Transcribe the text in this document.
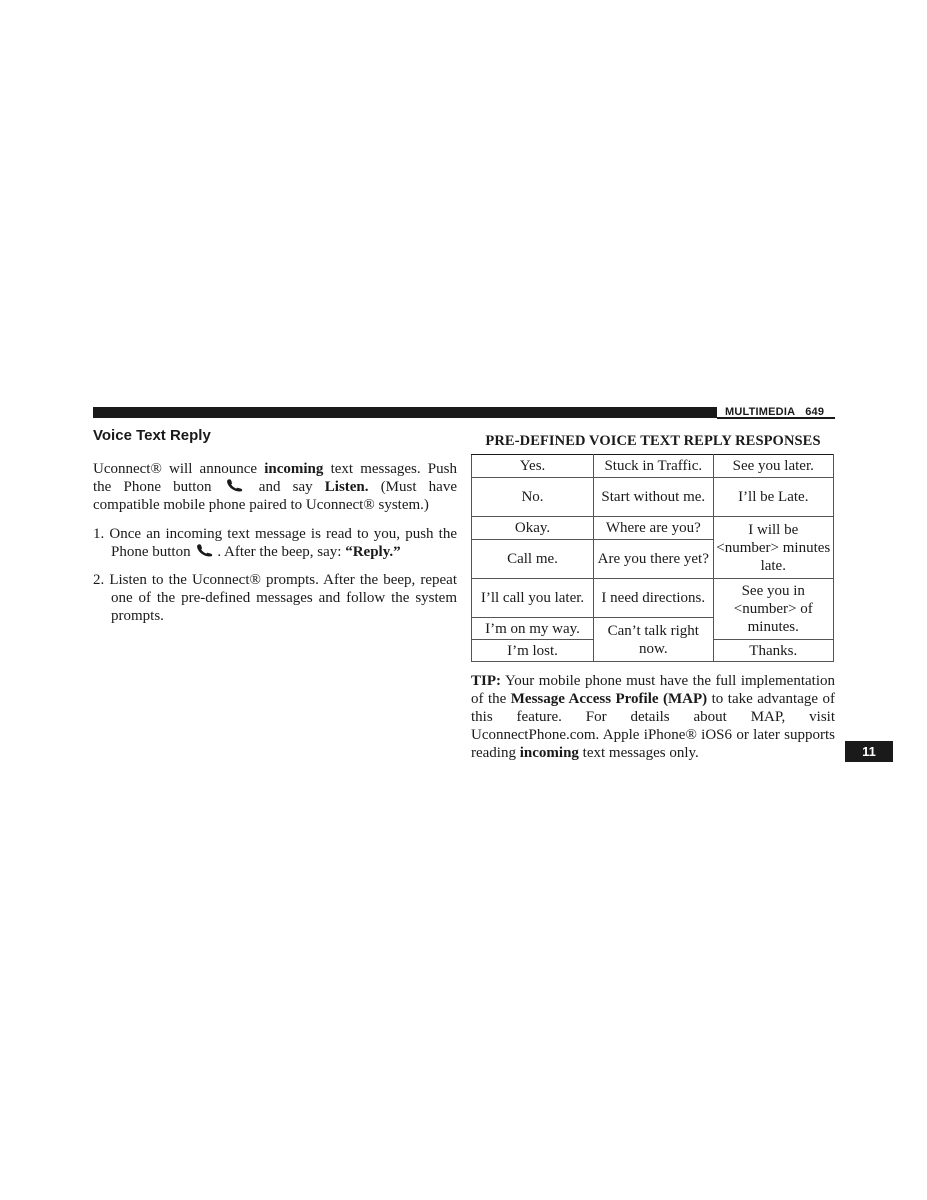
MULTIMEDIA 649
Voice Text Reply

Uconnect® will announce incoming text messages. Push the Phone button  and say Listen. (Must have compatible mobile phone paired to Uconnect® system.)

1. Once an incoming text message is read to you, push the Phone button . After the beep, say: “Reply.”
2. Listen to the Uconnect® prompts. After the beep, repeat one of the pre-defined messages and follow the system prompts.
PRE-DEFINED VOICE TEXT REPLY RESPONSES
Yes.	Stuck in Traffic.	See you later.
No.	Start without me.	I’ll be Late.
Okay.	Where are you?	I will be <number> minutes late.
Call me.	Are you there yet?	
I’ll call you later.	I need directions.	See you in <number> of minutes.
I’m on my way.	Can’t talk right now.	
I’m lost.		Thanks.

TIP: Your mobile phone must have the full implementation of the Message Access Profile (MAP) to take advantage of this feature. For details about MAP, visit UconnectPhone.com. Apple iPhone® iOS6 or later supports reading incoming text messages only.	11
